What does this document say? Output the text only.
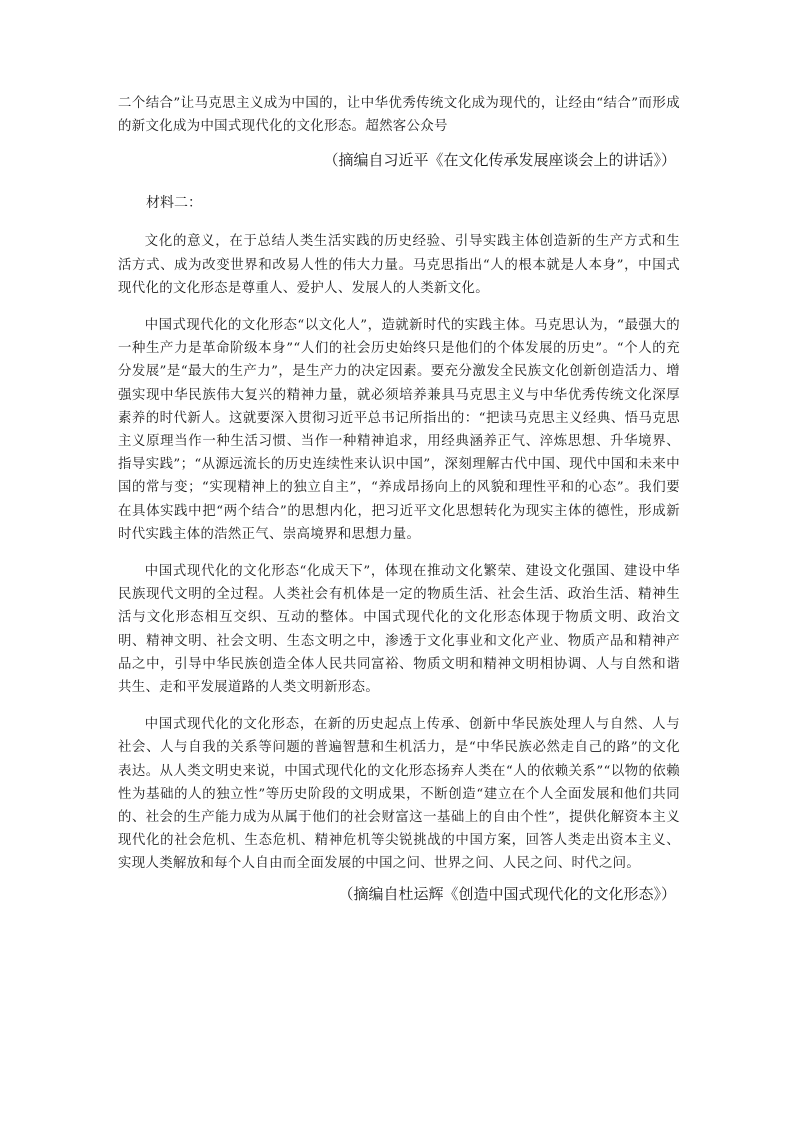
二个结合”让马克思主义成为中国的，让中华优秀传统文化成为现代的，让经由“结合”而形成的新文化成为中国式现代化的文化形态。超然客公众号

（摘编自习近平《在文化传承发展座谈会上的讲话》）

材料二：

文化的意义，在于总结人类生活实践的历史经验、引导实践主体创造新的生产方式和生活方式、成为改变世界和改易人性的伟大力量。马克思指出“人的根本就是人本身”，中国式现代化的文化形态是尊重人、爱护人、发展人的人类新文化。

中国式现代化的文化形态“以文化人”，造就新时代的实践主体。马克思认为，“最强大的一种生产力是革命阶级本身”“人们的社会历史始终只是他们的个体发展的历史”。“个人的充分发展”是“最大的生产力”，是生产力的决定因素。要充分激发全民族文化创新创造活力、增强实现中华民族伟大复兴的精神力量，就必须培养兼具马克思主义与中华优秀传统文化深厚素养的时代新人。这就要深入贯彻习近平总书记所指出的：“把读马克思主义经典、悟马克思主义原理当作一种生活习惯、当作一种精神追求，用经典涵养正气、淬炼思想、升华境界、指导实践”；“从源远流长的历史连续性来认识中国”，深刻理解古代中国、现代中国和未来中国的常与变；“实现精神上的独立自主”，“养成昂扬向上的风貌和理性平和的心态”。我们要在具体实践中把“两个结合”的思想内化，把习近平文化思想转化为现实主体的德性，形成新时代实践主体的浩然正气、崇高境界和思想力量。

中国式现代化的文化形态“化成天下”，体现在推动文化繁荣、建设文化强国、建设中华民族现代文明的全过程。人类社会有机体是一定的物质生活、社会生活、政治生活、精神生活与文化形态相互交织、互动的整体。中国式现代化的文化形态体现于物质文明、政治文明、精神文明、社会文明、生态文明之中，渗透于文化事业和文化产业、物质产品和精神产品之中，引导中华民族创造全体人民共同富裕、物质文明和精神文明相协调、人与自然和谐共生、走和平发展道路的人类文明新形态。

中国式现代化的文化形态，在新的历史起点上传承、创新中华民族处理人与自然、人与社会、人与自我的关系等问题的普遍智慧和生机活力，是“中华民族必然走自己的路”的文化表达。从人类文明史来说，中国式现代化的文化形态扬弃人类在“人的依赖关系”“以物的依赖性为基础的人的独立性”等历史阶段的文明成果，不断创造“建立在个人全面发展和他们共同的、社会的生产能力成为从属于他们的社会财富这一基础上的自由个性”，提供化解资本主义现代化的社会危机、生态危机、精神危机等尖锐挑战的中国方案，回答人类走出资本主义、实现人类解放和每个人自由而全面发展的中国之问、世界之问、人民之问、时代之问。

（摘编自杜运辉《创造中国式现代化的文化形态》）
